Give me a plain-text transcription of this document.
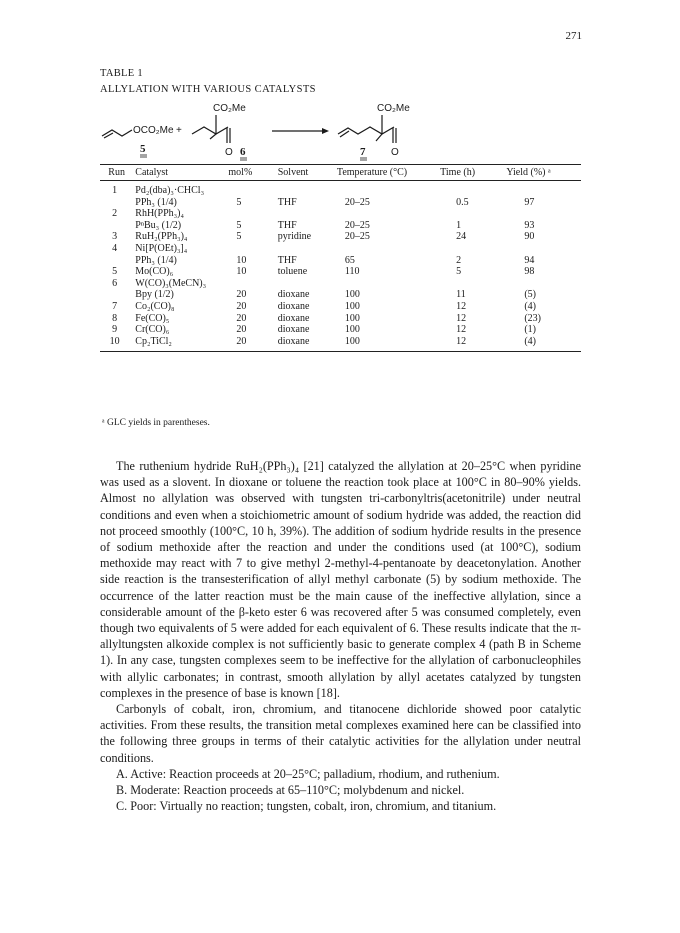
271
TABLE 1
ALLYLATION WITH VARIOUS CATALYSTS
OCO₂Me +
5
CO₂Me
O 6
CO₂Me
O
7
Run	Catalyst	mol%	Solvent	Temperature (°C)	Time (h)	Yield (%) ᵃ
1	Pd₂(dba)₃·CHCl₃					
	PPh₃ (1/4)	5	THF	20–25	0.5	97
2	RhH(PPh₃)₄					
	PⁿBu₃ (1/2)	5	THF	20–25	1	93
3	RuH₂(PPh₃)₄	5	pyridine	20–25	24	90
4	Ni[P(OEt)₃]₄					
	PPh₃ (1/4)	10	THF	65	2	94
5	Mo(CO)₆	10	toluene	110	5	98
6	W(CO)₃(MeCN)₃					
	Bpy (1/2)	20	dioxane	100	11	(5)
7	Co₂(CO)₈	20	dioxane	100	12	(4)
8	Fe(CO)₅	20	dioxane	100	12	(23)
9	Cr(CO)₆	20	dioxane	100	12	(1)
10	Cp₂TiCl₂	20	dioxane	100	12	(4)
ᵃ GLC yields in parentheses.

The ruthenium hydride RuH₂(PPh₃)₄ [21] catalyzed the allylation at 20–25°C when pyridine was used as a slovent. In dioxane or toluene the reaction took place at 100°C in 80–90% yields. Almost no allylation was observed with tungsten tri-carbonyltris(acetonitrile) under neutral conditions and even when a stoichiometric amount of sodium hydride was added, the reaction did not proceed smoothly (100°C, 10 h, 39%). The addition of sodium hydride results in the presence of sodium methoxide after the reaction and under the conditions used (at 100°C), sodium methoxide may react with 7 to give methyl 2-methyl-4-pentanoate by deacetonylation. Another side reaction is the transesterification of allyl methyl carbonate (5) by sodium methoxide. The occurrence of the latter reaction must be the main cause of the ineffective allylation, since a considerable amount of the β-keto ester 6 was recovered after 5 was consumed completely, even though two equivalents of 5 were added for each equivalent of 6. These results indicate that the π-allyltungsten alkoxide complex is not sufficiently basic to generate complex 4 (path B in Scheme 1). In any case, tungsten complexes seem to be ineffective for the allylation of carbonucleophiles with allylic carbonates; in contrast, smooth allylation by allyl acetates catalyzed by tungsten complexes in the presence of base is known [18].

Carbonyls of cobalt, iron, chromium, and titanocene dichloride showed poor catalytic activities. From these results, the transition metal complexes examined here can be classified into the following three groups in terms of their catalytic activities for the allylation under neutral conditions.

A. Active: Reaction proceeds at 20–25°C; palladium, rhodium, and ruthenium.

B. Moderate: Reaction proceeds at 65–110°C; molybdenum and nickel.

C. Poor: Virtually no reaction; tungsten, cobalt, iron, chromium, and titanium.
